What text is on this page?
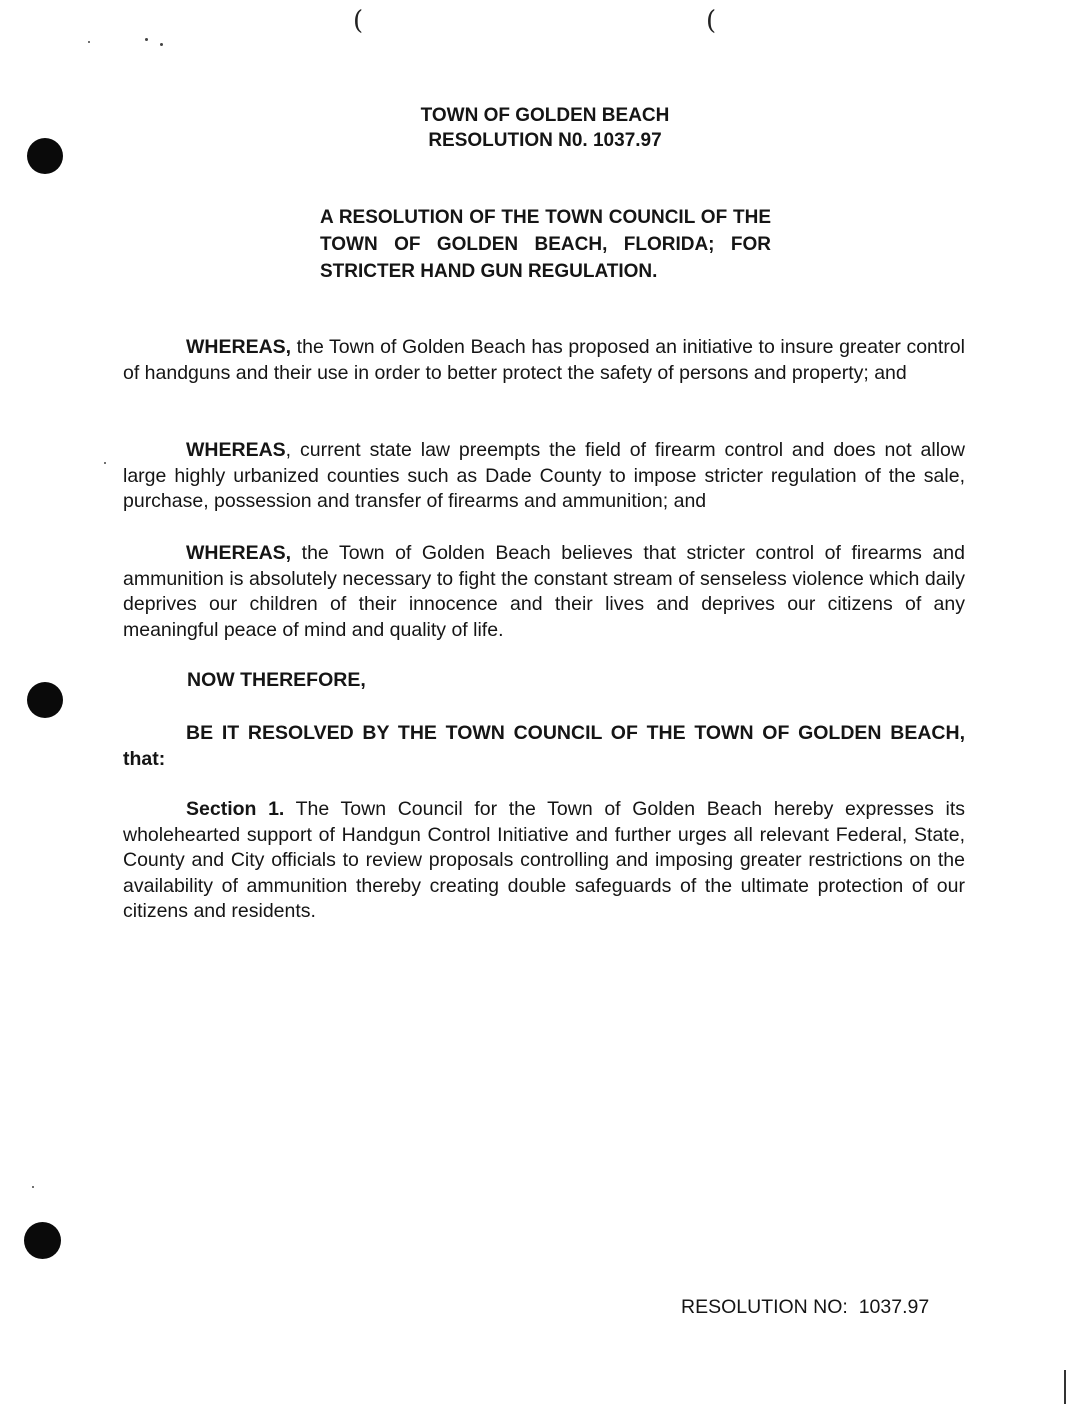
(	(
TOWN OF GOLDEN BEACH
RESOLUTION N0. 1037.97
A RESOLUTION OF THE TOWN COUNCIL OF THE TOWN OF GOLDEN BEACH, FLORIDA; FOR STRICTER HAND GUN REGULATION.
WHEREAS, the Town of Golden Beach has proposed an initiative to insure greater control of handguns and their use in order to better protect the safety of persons and property; and
WHEREAS, current state law preempts the field of firearm control and does not allow large highly urbanized counties such as Dade County to impose stricter regulation of the sale, purchase, possession and transfer of firearms and ammunition; and
WHEREAS, the Town of Golden Beach believes that stricter control of firearms and ammunition is absolutely necessary to fight the constant stream of senseless violence which daily deprives our children of their innocence and their lives and deprives our citizens of any meaningful peace of mind and quality of life.
NOW THEREFORE,
BE IT RESOLVED BY THE TOWN COUNCIL OF THE TOWN OF GOLDEN BEACH, that:
Section 1. The Town Council for the Town of Golden Beach hereby expresses its wholehearted support of Handgun Control Initiative and further urges all relevant Federal, State, County and City officials to review proposals controlling and imposing greater restrictions on the availability of ammunition thereby creating double safeguards of the ultimate protection of our citizens and residents.
RESOLUTION NO:  1037.97
